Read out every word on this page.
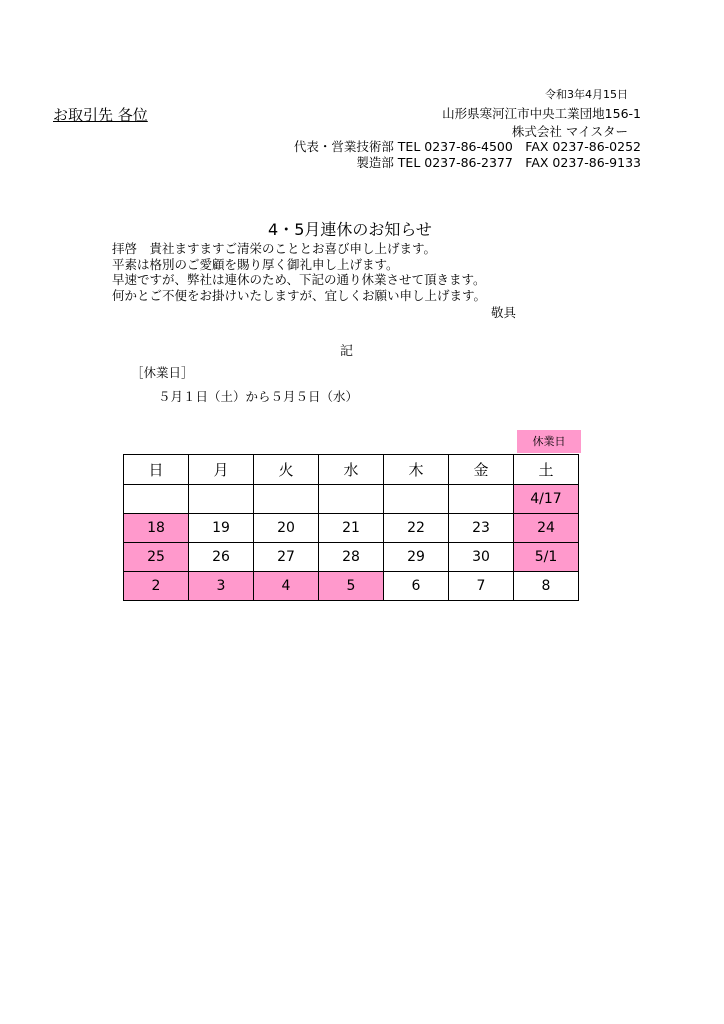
令和3年4月15日
お取引先 各位	山形県寒河江市中央工業団地156-1
株式会社 マイスター
代表・営業技術部 TEL 0237-86-4500　FAX 0237-86-0252
製造部 TEL 0237-86-2377　FAX 0237-86-9133
4・5月連休のお知らせ
拝啓　貴社ますますご清栄のこととお喜び申し上げます。
平素は格別のご愛顧を賜り厚く御礼申し上げます。
早速ですが、弊社は連休のため、下記の通り休業させて頂きます。
何かとご不便をお掛けいたしますが、宜しくお願い申し上げます。
敬具
記
［休業日］
５月１日（土）から５月５日（水）
休業日
日	月	火	水	木	金	土
						4/17
18	19	20	21	22	23	24
25	26	27	28	29	30	5/1
2	3	4	5	6	7	8
